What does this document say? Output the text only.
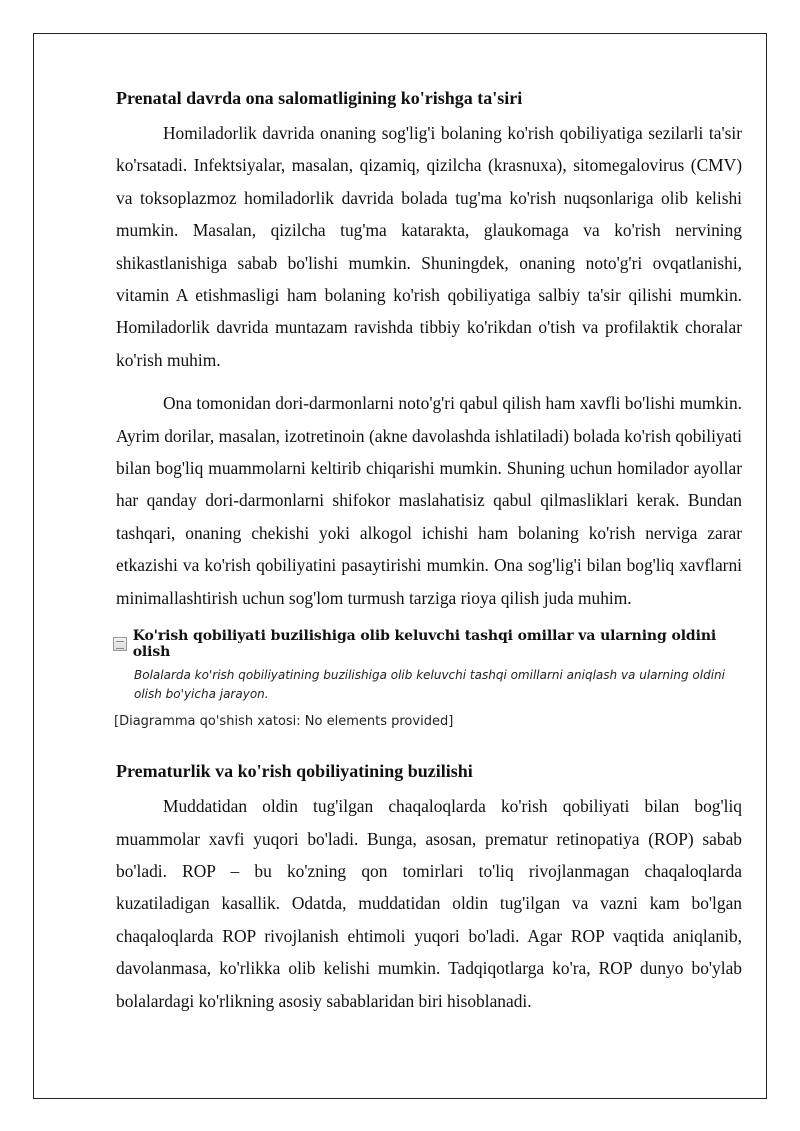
Prenatal davrda ona salomatligining ko'rishga ta'siri

Homiladorlik davrida onaning sog'lig'i bolaning ko'rish qobiliyatiga sezilarli ta'sir ko'rsatadi. Infektsiyalar, masalan, qizamiq, qizilcha (krasnuxa), sitomegalovirus (CMV) va toksoplazmoz homiladorlik davrida bolada tug'ma ko'rish nuqsonlariga olib kelishi mumkin. Masalan, qizilcha tug'ma katarakta, glaukomaga va ko'rish nervining shikastlanishiga sabab bo'lishi mumkin. Shuningdek, onaning noto'g'ri ovqatlanishi, vitamin A etishmasligi ham bolaning ko'rish qobiliyatiga salbiy ta'sir qilishi mumkin. Homiladorlik davrida muntazam ravishda tibbiy ko'rikdan o'tish va profilaktik choralar ko'rish muhim.

Ona tomonidan dori-darmonlarni noto'g'ri qabul qilish ham xavfli bo'lishi mumkin. Ayrim dorilar, masalan, izotretinoin (akne davolashda ishlatiladi) bolada ko'rish qobiliyati bilan bog'liq muammolarni keltirib chiqarishi mumkin. Shuning uchun homilador ayollar har qanday dori-darmonlarni shifokor maslahatisiz qabul qilmasliklari kerak. Bundan tashqari, onaning chekishi yoki alkogol ichishi ham bolaning ko'rish nerviga zarar etkazishi va ko'rish qobiliyatini pasaytirishi mumkin. Ona sog'lig'i bilan bog'liq xavflarni minimallashtirish uchun sog'lom turmush tarziga rioya qilish juda muhim.

Ko'rish qobiliyati buzilishiga olib keluvchi tashqi omillar va ularning oldini olish
Bolalarda ko'rish qobiliyatining buzilishiga olib keluvchi tashqi omillarni aniqlash va ularning oldini olish bo'yicha jarayon.
[Diagramma qo'shish xatosi: No elements provided]
Prematurlik va ko'rish qobiliyatining buzilishi

Muddatidan oldin tug'ilgan chaqaloqlarda ko'rish qobiliyati bilan bog'liq muammolar xavfi yuqori bo'ladi. Bunga, asosan, prematur retinopatiya (ROP) sabab bo'ladi. ROP – bu ko'zning qon tomirlari to'liq rivojlanmagan chaqaloqlarda kuzatiladigan kasallik. Odatda, muddatidan oldin tug'ilgan va vazni kam bo'lgan chaqaloqlarda ROP rivojlanish ehtimoli yuqori bo'ladi. Agar ROP vaqtida aniqlanib, davolanmasa, ko'rlikka olib kelishi mumkin. Tadqiqotlarga ko'ra, ROP dunyo bo'ylab bolalardagi ko'rlikning asosiy sabablaridan biri hisoblanadi.
